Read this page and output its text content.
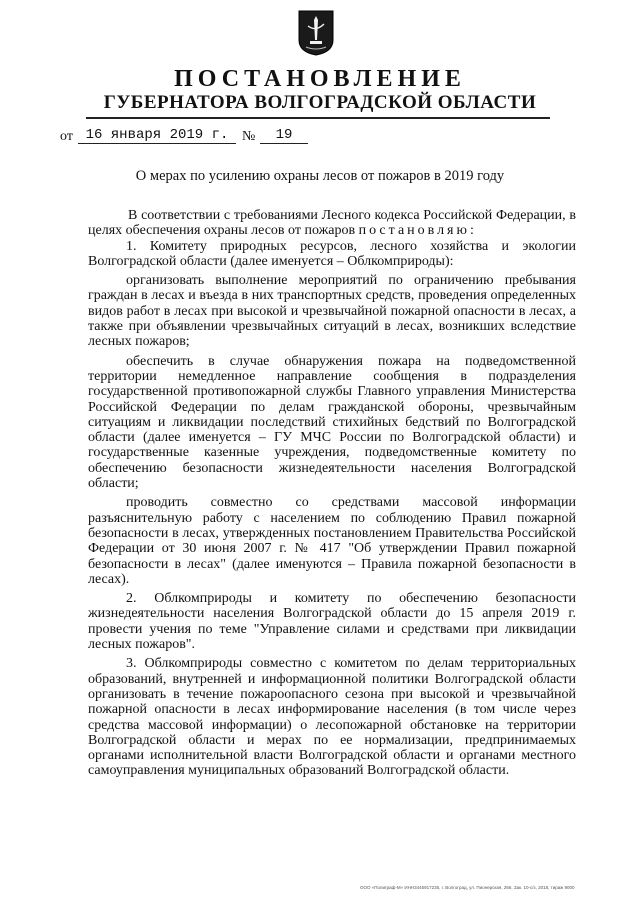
ПОСТАНОВЛЕНИЕ
ГУБЕРНАТОРА ВОЛГОГРАДСКОЙ ОБЛАСТИ
от 16 января 2019 г. №	19
О мерах по усилению охраны лесов от пожаров в 2019 году

В соответствии с требованиями Лесного кодекса Российской Федерации, в целях обеспечения охраны лесов от пожаров постановляю:

1. Комитету природных ресурсов, лесного хозяйства и экологии Волгоградской области (далее именуется – Облкомприроды):

организовать выполнение мероприятий по ограничению пребывания граждан в лесах и въезда в них транспортных средств, проведения определенных видов работ в лесах при высокой и чрезвычайной пожарной опасности в лесах, а также при объявлении чрезвычайных ситуаций в лесах, возникших вследствие лесных пожаров;

обеспечить в случае обнаружения пожара на подведомственной территории немедленное направление сообщения в подразделения государственной противопожарной службы Главного управления Министерства Российской Федерации по делам гражданской обороны, чрезвычайным ситуациям и ликвидации последствий стихийных бедствий по Волгоградской области (далее именуется – ГУ МЧС России по Волгоградской области) и государственные казенные учреждения, подведомственные комитету по обеспечению безопасности жизнедеятельности населения Волгоградской области;

проводить совместно со средствами массовой информации разъяснительную работу с населением по соблюдению Правил пожарной безопасности в лесах, утвержденных постановлением Правительства Российской Федерации от 30 июня 2007 г. № 417 "Об утверждении Правил пожарной безопасности в лесах" (далее именуются – Правила пожарной безопасности в лесах).

2. Облкомприроды и комитету по обеспечению безопасности жизнедеятельности населения Волгоградской области до 15 апреля 2019 г. провести учения по теме "Управление силами и средствами при ликвидации лесных пожаров".

3. Облкомприроды совместно с комитетом по делам территориальных образований, внутренней и информационной политики Волгоградской области организовать в течение пожароопасного сезона при высокой и чрезвычайной пожарной опасности в лесах информирование населения (в том числе через средства массовой информации) о лесопожарной обстановке на территории Волгоградской области и мерах по ее нормализации, предпринимаемых органами исполнительной власти Волгоградской области и органами местного самоуправления муниципальных образований Волгоградской области.

ООО «Полиграф-М» ИНН3445917235, г. Волгоград, ул. Пионерская, 266. Зак. 10-с/з, 2018, тираж 9000
